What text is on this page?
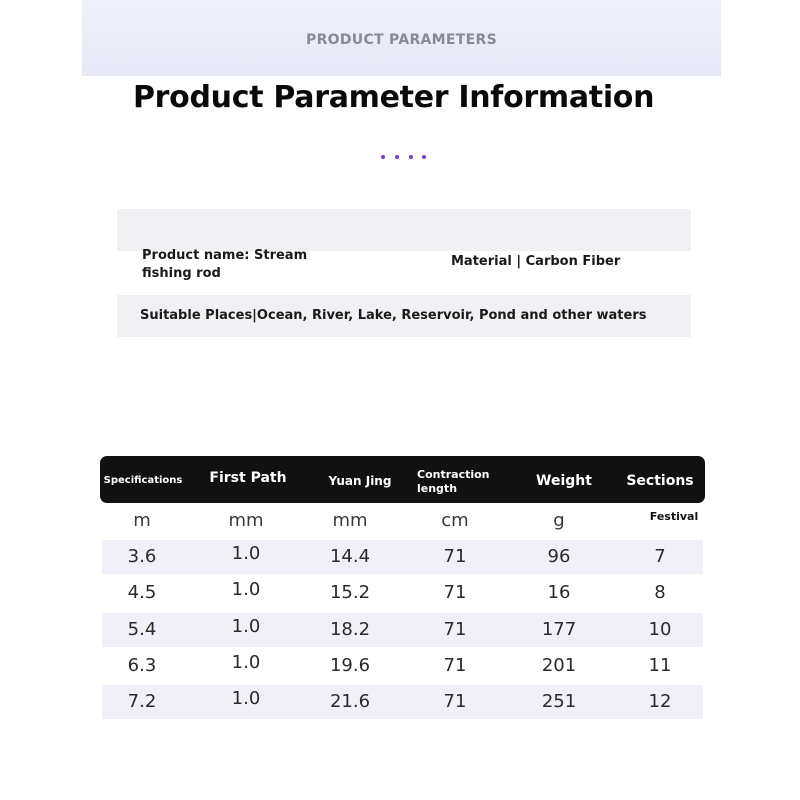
PRODUCT PARAMETERS
Product Parameter Information
Product name: Stream fishing rod
Material | Carbon Fiber
Suitable Places|Ocean, River, Lake, Reservoir, Pond and other waters
Specifications	First Path	Yuan Jing	Contraction length	Weight	Sections
m	mm	mm	cm	g	Festival
3.6	1.0	14.4	71	96	7
4.5	1.0	15.2	71	16	8
5.4	1.0	18.2	71	177	10
6.3	1.0	19.6	71	201	11
7.2	1.0	21.6	71	251	12
